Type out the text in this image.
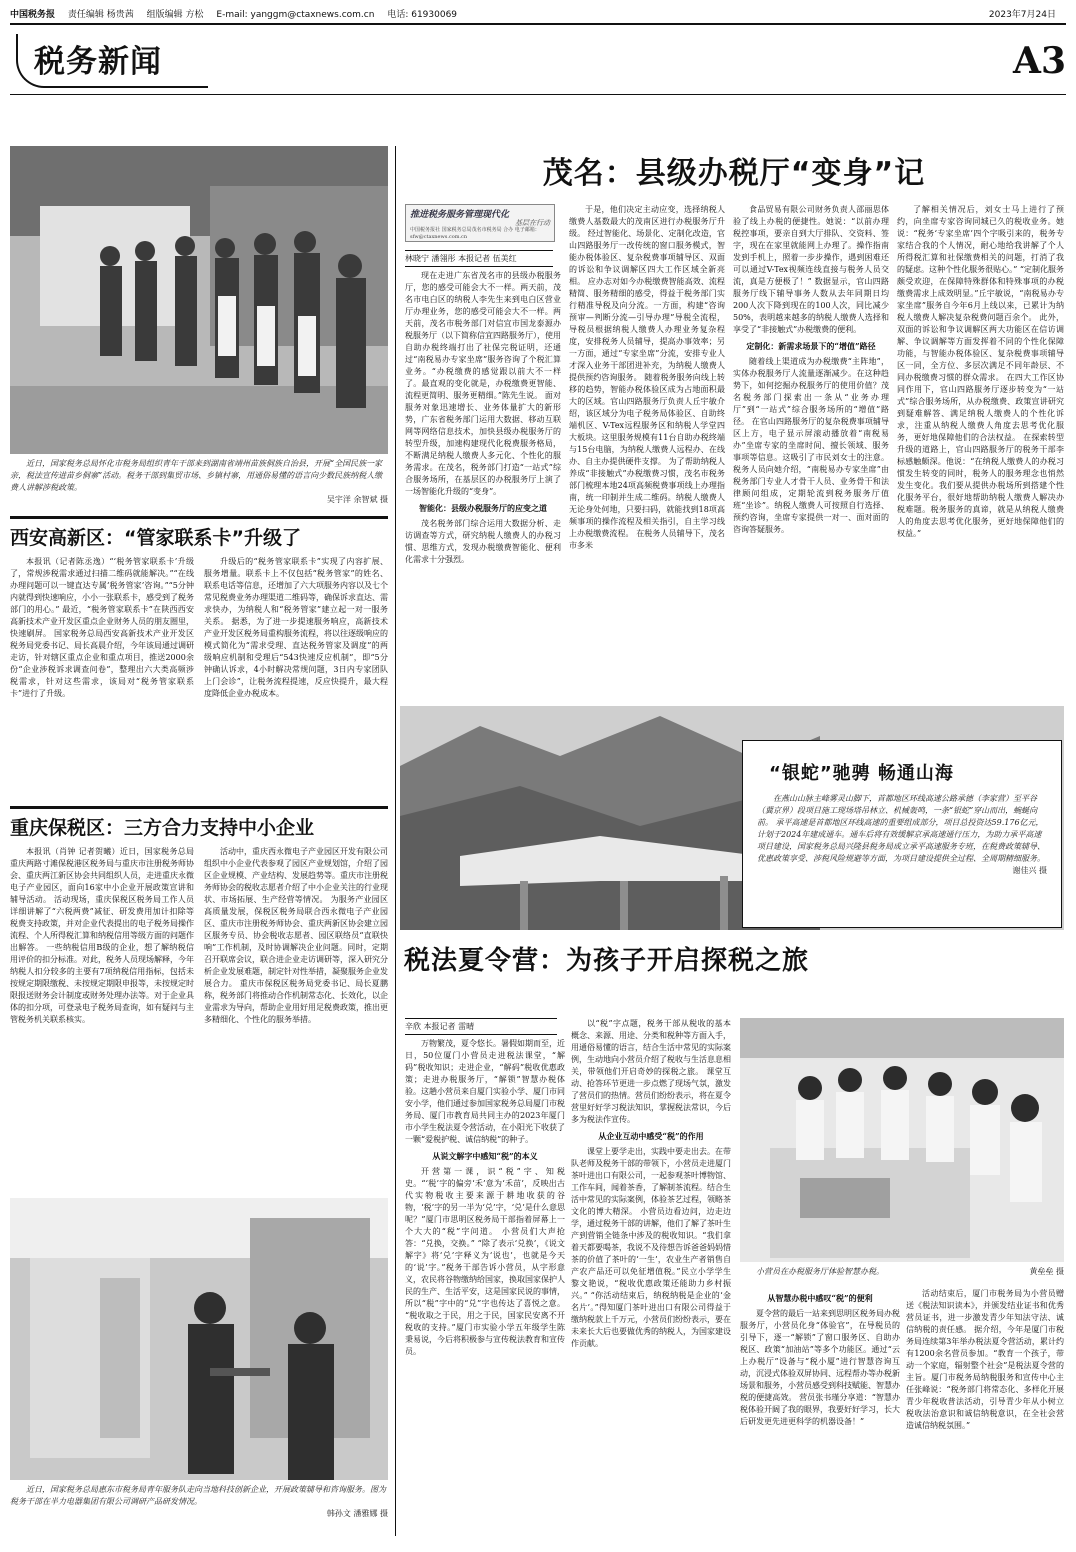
中国税务报 责任编辑 杨贵茜 组版编辑 方松 E-mail: yanggm@ctaxnews.com.cn 电话: 61930069	2023年7月24日
税务新闻	A3
近日，国家税务总局怀化市税务局组织青年干部来到湖南省靖州苗族侗族自治县，开展“全国民族一家亲，税法宣传进苗乡侗寨”活动。税务干部到集贸市场、乡镇村寨，用通俗易懂的语言向少数民族纳税人缴费人讲解涉税政策。
吴宇洋 余智斌 摄
西安高新区：“管家联系卡”升级了

本报讯（记者陈丞逸）“‘税务管家联系卡’升级了，常规涉税需求通过扫描二维码就能解决。”“在线办理问题可以一键直达专属‘税务管家’咨询。”“5分钟内就得到快速响应，小小一张联系卡，感受到了税务部门的用心。” 最近，“税务管家联系卡”在陕西西安高新技术产业开发区重点企业财务人员的朋友圈里，快速刷屏。 国家税务总局西安高新技术产业开发区税务局党委书记、局长高晨介绍，今年该局通过调研走访，针对辖区重点企业和重点项目，推送2000余份“企业涉税诉求调查问卷”，整理出六大类高频涉税需求，针对这些需求，该局对“税务管家联系卡”进行了升级。

升级后的“税务管家联系卡”实现了内容扩展、服务增量。联系卡上不仅包括“税务管家”的姓名、联系电话等信息，还增加了六大项服务内容以及七个常见税费业务办理渠道二维码等，确保诉求直达、需求快办，为纳税人和“税务管家”建立起一对一服务关系。 据悉，为了进一步提速服务响应，高新技术产业开发区税务局重构服务流程，将以往逐级响应的模式简化为“需求受理、直达税务管家及调度”的两级响应机制和受理后“543快速反应机制”，即“5分钟确认诉求，4小时解决常规问题，3日内专家团队上门会诊”，让税务流程提速，反应快提升，最大程度降低企业办税成本。

重庆保税区：三方合力支持中小企业

本报讯（肖钟 记者贺曦）近日，国家税务总局重庆两路寸滩保税港区税务局与重庆市注册税务师协会、重庆两江新区协会共同组织人员，走进重庆永微电子产业园区，面向16家中小企业开展政策宣讲和辅导活动。 活动现场，重庆保税区税务局工作人员详细讲解了“六税两费”减征、研发费用加计扣除等税费支持政策，并对企业代表提出的电子税务局操作流程、个人所得税汇算和纳税信用等级方面的问题作出解答。 一些纳税信用B级的企业，想了解纳税信用评价的扣分标准。对此，税务人员现场解释，今年纳税人扣分较多的主要有7项纳税信用指标，包括未按规定期限缴税、未按规定期限申报等，未按规定时限报送财务会计制度或财务处理办法等。对于企业具体的扣分项，可登录电子税务局查询，如有疑问与主管税务机关联系核实。

活动中，重庆西永微电子产业园区开发有限公司组织中小企业代表参观了园区产业规划馆，介绍了园区企业规模、产业结构、发展趋势等。重庆市注册税务师协会的税收志愿者介绍了中小企业关注的行业现状、市场拓展、生产经营等情况。 为服务产业园区高质量发展，保税区税务局联合西永微电子产业园区、重庆市注册税务师协会、重庆两新区协会建立园区服务专员、协会税收志愿者、园区联络员“直联快响”工作机制，及时协调解决企业问题。同时，定期召开联席会议，联合进企业走访调研等，深入研究分析企业发展难题，制定针对性举措，凝聚服务企业发展合力。 重庆市保税区税务局党委书记、局长夏鹏称，税务部门将推动合作机制常态化、长效化，以企业需求为导向，帮助企业用好用足税费政策，推出更多精细化、个性化的服务举措。

近日，国家税务总局惠东市税务局青年服务队走向当地科技创新企业，开展政策辅导和咨询服务。图为税务干部在半力电器集团有限公司调研产品研发情况。
韩孙文 潘雅娜 摄
茂名：县级办税厅“变身”记
推进税务服务管理现代化
基层在行动
中国税务报社 国家税务总局茂名市税务局 合办 电子邮箱：sfw@ctaxnews.com.cn
林晓宁 潘翎彤 本报记者 伍美红

现在走进广东省茂名市的县级办税服务厅，您的感受可能会大不一样。两天前，茂名市电白区的纳税人李先生来到电白区营业厅办理业务，您的感受可能会大不一样。两天前，茂名市税务部门对信宜市国龙泰源办税服务厅（以下简称信宜四路服务厅），使用自助办税终端打出了社保完税证明，还通过“南税易办专家坐席”服务咨询了个税汇算业务。“办税缴费的感觉跟以前大不一样了。最直观的变化就是，办税缴费更智能、流程更简明、服务更精细。”陈先生说。 面对服务对象迅速增长、业务体量扩大的新形势，广东省税务部门运用大数据、移动互联网等网络信息技术，加快县级办税服务厅的转型升级，加速构建现代化税费服务格局，不断满足纳税人缴费人多元化、个性化的服务需求。在茂名，税务部门打造“一站式”综合服务场所，在基层区的办税服务厅上演了一场智能化升级的“变身”。

智能化：县级办税服务厅的应变之道

茂名税务部门综合运用大数据分析、走访调查等方式，研究纳税人缴费人的办税习惯、思维方式，发现办税缴费智能化、便利化需求十分强烈。

于是，他们决定主动应变，选择纳税人缴费人基数最大的茂南区进行办税服务厅升级。 经过智能化、场景化、定制化改造，官山四路服务厅一改传统的窗口服务模式，智能办税体验区、复杂税费事项辅导区、双面的诉讼和争议调解区四大工作区域全新亮相。 应办志对如今办税缴费智能高效、流程精简、服务精细的感受，得益于税务部门实行精准导税及向分流。一方面，构建“咨询预审—判断分流—引导办理”导税全流程，导税员根据纳税人缴费人办理业务复杂程度，安排税务人员辅导，提高办事效率；另一方面，通过“专家坐席”分流，安排专业人才深入业务干部团进补充，为纳税人缴费人提供预约咨询服务。 随着税务服务向线上转移的趋势，智能办税体验区成为占地面积最大的区域。官山四路服务厅负责人丘宇敏介绍，该区域分为电子税务局体验区、自助终端机区、V-Tex远程服务区和纳税人学堂四大板块。这里服务规模有11台自助办税终端与15台电脑，为纳税人缴费人远程办、在线办、自主办提供硬件支撑。 为了帮助纳税人养成“非接触式”办税缴费习惯，茂名市税务部门梳理本地24项高频税费事项线上办理指南，统一印制并生成二维码。纳税人缴费人无论身处何地，只要扫码，就能找到18项高频事项的操作流程及相关指引，自主学习线上办税缴费流程。 在税务人员辅导下，茂名市多米

食品贸易有限公司财务负责人邵丽思体验了线上办税的便捷性。她说：“以前办理税控事项，要亲自到大厅排队、交资料、签字，现在在家里就能网上办理了。操作指南发到手机上，照着一步步操作，遇到困难还可以通过V-Tex视频连线直接与税务人员交流，真是方便极了！” 数据显示，官山四路服务厅线下辅导事务人数从去年同期日均200人次下降到现在的100人次，同比减少50%，表明越来越多的纳税人缴费人选择和享受了“非接触式”办税缴费的便利。

定制化：新需求场景下的“增值”路径

随着线上渠道成为办税缴费“主阵地”，实体办税服务厅人流量逐渐减少。在这种趋势下，如何挖掘办税服务厅的使用价值？茂名税务部门探索出一条从“业务办理厅”到“一站式”综合服务场所的“增值”路径。 在官山四路服务厅的复杂税费事项辅导区上方，电子显示屏滚动播放着“南税易办”坐席专家的坐席时间、擅长领域、服务事项等信息。这吸引了市民刘女士的注意。 税务人员向她介绍，“南税易办专家坐席”由税务部门专业人才骨干人员、业务骨干和法律顾问组成，定期轮流到税务服务厅值班“坐诊”。纳税人缴费人可按照自行选择、预约咨询，坐席专家提供一对一、面对面的咨询答疑服务。

了解相关情况后，刘女士马上进行了预约，向坐席专家咨询同城已久的税收业务。她说：“税务‘专家坐席’四个字吸引来的，税务专家结合我的个人情况，耐心地给我讲解了个人所得税汇算和社保缴费相关的问题，打消了我的疑虑。这种个性化服务很贴心。” “定制化服务颇受欢迎，在保障特殊群体和特殊事项的办税缴费需求上成效明显。”丘宇敏说，“南税易办专家坐席”服务自今年6月上线以来，已累计为纳税人缴费人解决复杂税费问题百余个。 此外，双面的诉讼和争议调解区两大功能区在信访调解、争议调解等方面发挥着不同的个性化保障功能，与智能办税体验区、复杂税费事项辅导区一同，全方位、多层次满足不同年龄层、不同办税缴费习惯的群众需求。 在四大工作区协同作用下，官山四路服务厅逐步转变为“一站式”综合服务场所，从办税缴费、政策宣讲研究到疑难解答、满足纳税人缴费人的个性化诉求，注重从纳税人缴费人角度去思考优化服务，更好地保障他们的合法权益。 在探索转型升级的道路上，官山四路服务厅的税务干部李标感触颇深。他说：“在纳税人缴费人的办税习惯发生转变的同时，税务人的服务理念也悄然发生变化。我们要从提供办税场所到搭建个性化服务平台，很好地帮助纳税人缴费人解决办税难题。税务服务的真谛，就是从纳税人缴费人的角度去思考优化服务，更好地保障他们的权益。”

“银蛇”驰骋 畅通山海
在燕山山脉主峰雾灵山脚下，首都地区环线高速公路承德（李家营）至平谷（冀京界）段项目施工现场塔吊林立、机械轰鸣，一条“银蛇”穿山而出，蜿蜒向前。 承平高速是首都地区环线高速的重要组成部分，项目总投资达59.176亿元，计划于2024年建成通车。通车后将有效缓解京承高速通行压力，为助力承平高速项目建设，国家税务总局兴隆县税务局成立承平高速服务专班，在税费政策辅导、优惠政策享受、涉税风险规避等方面，为项目建设提供全过程、全周期精细服务。
谢佳兴 摄
税法夏令营：为孩子开启探税之旅
辛欣 本报记者 雷晴

万物繁茂，夏令悠长。暑假如期而至，近日，50位厦门小营员走进税法课堂，“解码”税收知识；走进企业，“解码”税收优惠政策；走进办税服务厅，“解锁”智慧办税体验。这趟小营员来自厦门实验小学、厦门市同安小学，他们通过参加国家税务总局厦门市税务局、厦门市教育局共同主办的2023年厦门市小学生税法夏令营活动，在小阳光下收获了一颗“爱税护税、诚信纳税”的种子。

从说文解字中感知“税”的本义

开营第一课，识“税”字、知税史。“‘税’字的偏旁‘禾’意为‘禾苗’，反映出古代实物税收主要来源于耕地收获的谷物，‘税’字的另一半为‘兑’字，‘兑’是什么意思呢？”厦门市思明区税务局干部指着屏幕上一个大大的“税”字问道。 小营员们大声抢答：“兑换，交换。” “除了表示‘兑换’，《说文解字》将‘兑’字释义为‘说也’，也就是今天的‘说’字。”税务干部告诉小营员，从字形意义，农民将谷物缴纳给国家，换取国家保护人民的生产、生活平安，这是国家民说的事情，所以“税”字中的“兑”字也传达了喜悦之意。 “税收取之于民，用之于民，国家民安离不开税收的支持。”厦门市实验小学五年级学生陈秉易说，今后将积极参与宣传税法教育和宣传员。

以“税”字点题，税务干部从税收的基本概念、来源、用途、分类和税种等方面入手，用通俗易懂的语言，结合生活中常见的实际案例，生动地向小营员介绍了税收与生活息息相关，带领他们开启奇妙的探税之旅。 课堂互动、抢答环节更进一步点燃了现场气氛，激发了营员们的热情。营员们纷纷表示，将在夏令营里好好学习税法知识，掌握税法常识，今后多为税法作宣传。

从企业互动中感受“税”的作用

课堂上要学走出，实践中要走出去。在带队老师及税务干部的带领下，小营员走进厦门茶叶进出口有限公司，一起参观茶叶博物馆、工作车间，闻着茶香，了解制茶流程。结合生活中常见的实际案例，体验茶艺过程，领略茶文化的博大精深。 小营员边看边问，边走边学，通过税务干部的讲解，他们了解了茶叶生产到营销全链条中涉及的税收知识。“我们拿着天都要喝茶，我说不及待想告诉爸爸妈妈惜茶的价值了茶叶的‘一生’，农业生产者销售自产农产品还可以免征增值税。”民立小学学生黎文艳说，“税收优惠政策还能助力乡村振兴。” “你活动结束后，纳税纳税是企业的‘金名片’。”得知厦门茶叶进出口有限公司得益于缴纳税款上千万元，小营员们纷纷表示，要在未来长大后也要做优秀的纳税人，为国家建设作贡献。

小营员在办税服务厅体验智慧办税。	黄垒垒 摄

从智慧办税中感叹“税”的便利

夏令营的最后一站来到思明区税务局办税服务厅，小营员化身“体验官”，在导税员的引导下，逐一“解锁”了窗口服务区、自助办税区、政策“加油站”等多个功能区。通过“云上办税厅”设备与“税小厦”进行智慧咨询互动，沉浸式体验双屏协同、远程帮办等办税新场景和服务，小营员感受到科技赋能、智慧办税的便捷高效。 营员张书瑾分享道：“智慧办税体验开阔了我的眼界，我要好好学习，长大后研发更先进更科学的机器设备！”

活动结束后，厦门市税务局为小营员赠送《税法知识读本》，并颁发结业证书和优秀营员证书，进一步激发青少年知法守法、诚信纳税的责任感。 据介绍，今年是厦门市税务局连续第3年举办税法夏令营活动，累计约有1200余名营员参加。“教育一个孩子，带动一个家庭，辐射整个社会”是税法夏令营的主旨。厦门市税务局纳税服务和宣传中心主任张峰说：“税务部门将常态化、多样化开展青少年税收普法活动，引导青少年从小树立税收法治意识和诚信纳税意识，在全社会营造诚信纳税氛围。”
